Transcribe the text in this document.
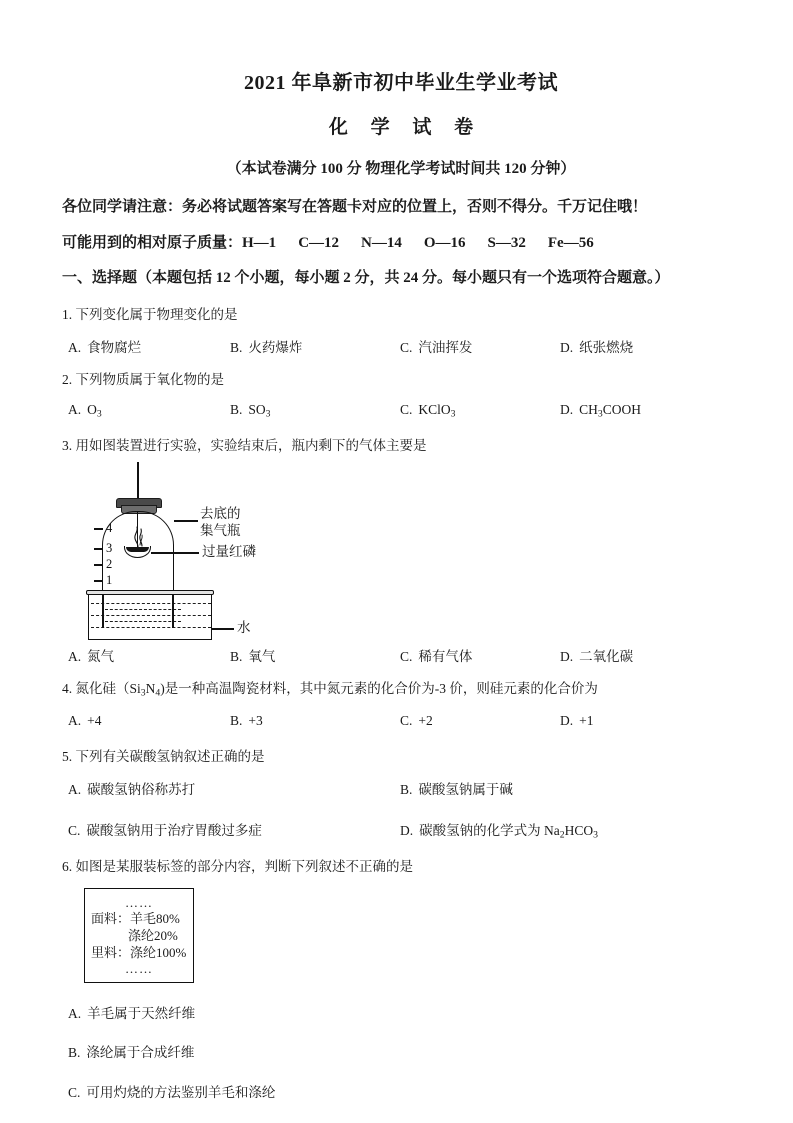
2021 年阜新市初中毕业生学业考试
化 学 试 卷
（本试卷满分 100 分 物理化学考试时间共 120 分钟）
各位同学请注意：务必将试题答案写在答题卡对应的位置上，否则不得分。千万记住哦！
可能用到的相对原子质量：H—1 C—12 N—14 O—16 S—32 Fe—56
一、选择题（本题包括 12 个小题，每小题 2 分，共 24 分。每小题只有一个选项符合题意。）
1. 下列变化属于物理变化的是
A. 食物腐烂	B. 火药爆炸	C. 汽油挥发	D. 纸张燃烧
2. 下列物质属于氧化物的是
A. $O_3$	B. $SO_3$	C. KClO$_3$	D. $CH_3COOH$
3. 用如图装置进行实验，实验结束后，瓶内剩下的气体主要是
4
3
2
1
去底的
集气瓶
过量红磷
水
A. 氮气	B. 氧气	C. 稀有气体	D. 二氧化碳
4. 氮化硅$(Si_3N_4)$是一种高温陶瓷材料，其中氮元素的化合价为-3 价，则硅元素的化合价为
A. +4	B. +3	C. +2	D. +1
5. 下列有关碳酸氢钠叙述正确的是
A. 碳酸氢钠俗称苏打	B. 碳酸氢钠属于碱
C. 碳酸氢钠用于治疗胃酸过多症	D. 碳酸氢钠的化学式为 $Na_2HCO_3$
6. 如图是某服装标签的部分内容，判断下列叙述不正确的是
……
面料：羊毛80%
涤纶20%
里料：涤纶100%
……
A. 羊毛属于天然纤维
B. 涤纶属于合成纤维
C. 可用灼烧的方法鉴别羊毛和涤纶
